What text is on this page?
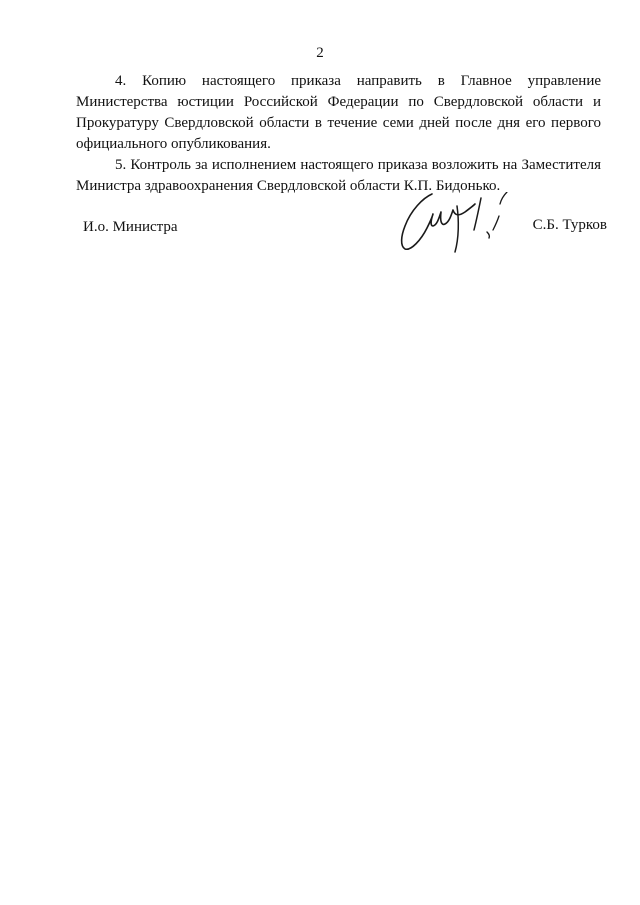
2

4. Копию настоящего приказа направить в Главное управление Министерства юстиции Российской Федерации по Свердловской области и Прокуратуру Свердловской области в течение семи дней после дня его первого официального опубликования.

5. Контроль за исполнением настоящего приказа возложить на Заместителя Министра здравоохранения Свердловской области К.П. Бидонько.

И.о. Министра	С.Б. Турков
